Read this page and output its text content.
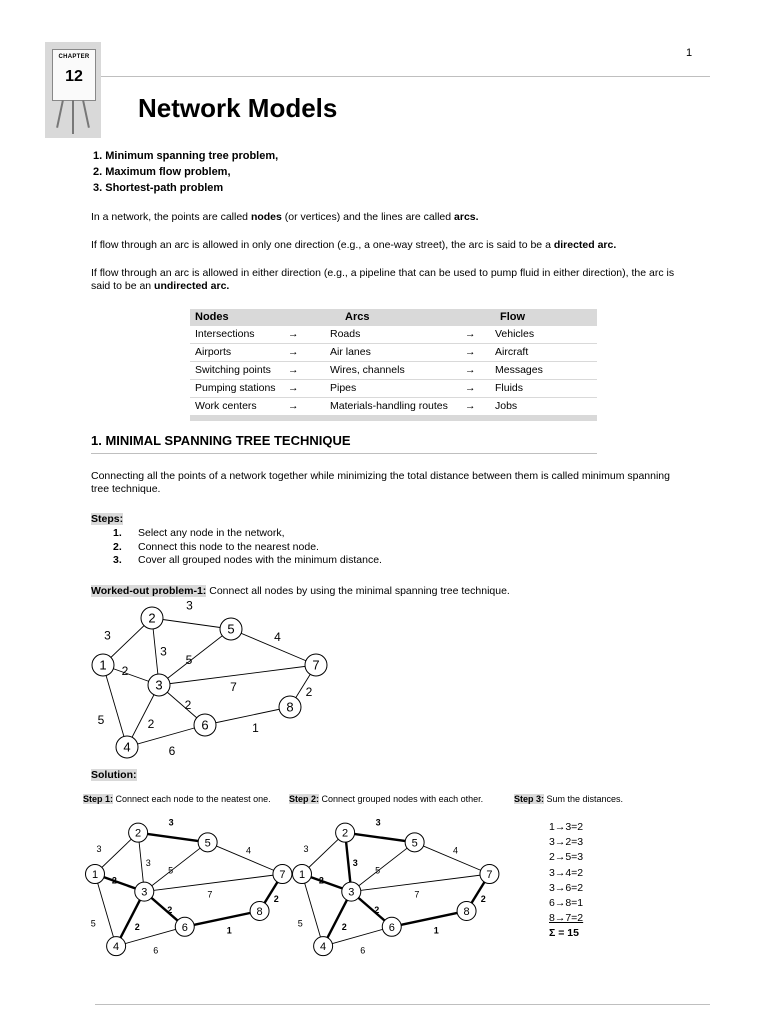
1
CHAPTER
12
Network Models
1. Minimum spanning tree problem,
2. Maximum flow problem,
3. Shortest-path problem
In a network, the points are called nodes (or vertices) and the lines are called arcs.
If flow through an arc is allowed in only one direction (e.g., a one-way street), the arc is said to be a directed arc.
If flow through an arc is allowed in either direction (e.g., a pipeline that can be used to pump fluid in either direction), the arc is
said to be an undirected arc.
Nodes	Arcs	Flow
Intersections	→	Roads	→ Vehicles
Airports	→	Air lanes	→ Aircraft
Switching points →	Wires, channels	→ Messages
Pumping stations →	Pipes	→ Fluids
Work centers	→	Materials-handling routes → Jobs
1. MINIMAL SPANNING TREE TECHNIQUE
Connecting all the points of a network together while minimizing the total distance between them is called minimum spanning
tree technique.
Steps:
1. Select any node in the network,
2. Connect this node to the nearest node.
3. Cover all grouped nodes with the minimum distance.
Worked-out problem-1: Connect all nodes by using the minimal spanning tree technique.
3
2
5
3
3
5
4
7
2
2
6
1
2
1
2
3
4
5
6
7
8
3
2
5
3
3
5
4
7
2
2
6
1
2
1
2
3
4
5
6
7
8
3
2
5
3
3
5
4
7
2
2
6
1
2
1
2
3
4
5
6
7
8
Solution:
Step 1: Connect each node to the neatest one. Step 2: Connect grouped nodes with each other.	Step 3: Sum the distances.
1→3=2
3→2=3
2→5=3
3→4=2
3→6=2
6→8=1
8→7=2
Σ = 15
